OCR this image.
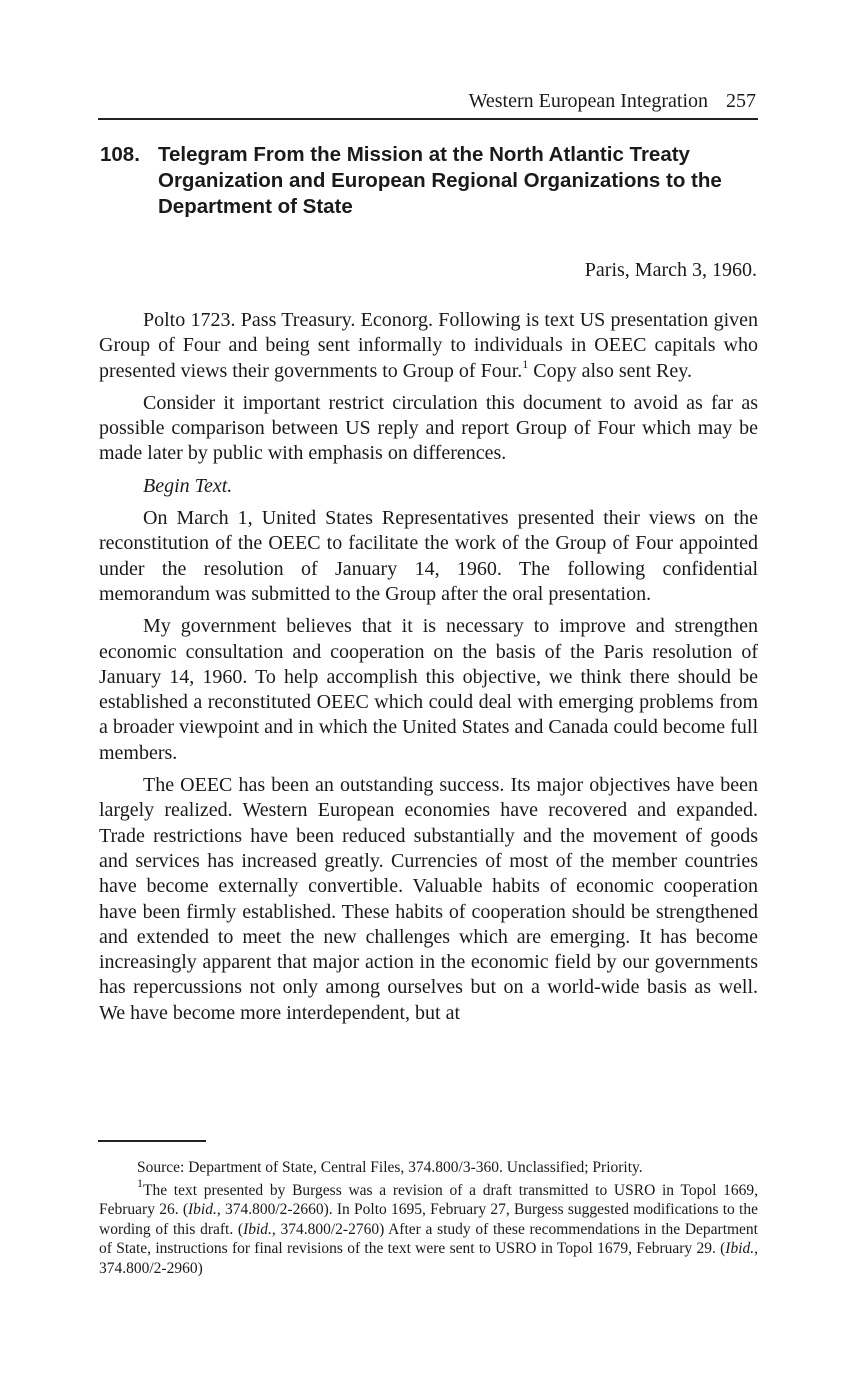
Western European Integration 257
108. Telegram From the Mission at the North Atlantic Treaty Organization and European Regional Organizations to the Department of State
Paris, March 3, 1960.

Polto 1723. Pass Treasury. Econorg. Following is text US presentation given Group of Four and being sent informally to individuals in OEEC capitals who presented views their governments to Group of Four.$^1$ Copy also sent Rey.

Consider it important restrict circulation this document to avoid as far as possible comparison between US reply and report Group of Four which may be made later by public with emphasis on differences.

Begin Text.

On March 1, United States Representatives presented their views on the reconstitution of the OEEC to facilitate the work of the Group of Four appointed under the resolution of January 14, 1960. The following confidential memorandum was submitted to the Group after the oral presentation.

My government believes that it is necessary to improve and strengthen economic consultation and cooperation on the basis of the Paris resolution of January 14, 1960. To help accomplish this objective, we think there should be established a reconstituted OEEC which could deal with emerging problems from a broader viewpoint and in which the United States and Canada could become full members.

The OEEC has been an outstanding success. Its major objectives have been largely realized. Western European economies have recovered and expanded. Trade restrictions have been reduced substantially and the movement of goods and services has increased greatly. Currencies of most of the member countries have become externally convertible. Valuable habits of economic cooperation have been firmly established. These habits of cooperation should be strengthened and extended to meet the new challenges which are emerging. It has become increasingly apparent that major action in the economic field by our governments has repercussions not only among ourselves but on a world-wide basis as well. We have become more interdependent, but at

Source: Department of State, Central Files, 374.800/3-360. Unclassified; Priority.

$^1$The text presented by Burgess was a revision of a draft transmitted to USRO in Topol 1669, February 26. (Ibid., 374.800/2-2660). In Polto 1695, February 27, Burgess suggested modifications to the wording of this draft. (Ibid., 374.800/2-2760) After a study of these recommendations in the Department of State, instructions for final revisions of the text were sent to USRO in Topol 1679, February 29. (Ibid., 374.800/2-2960)
